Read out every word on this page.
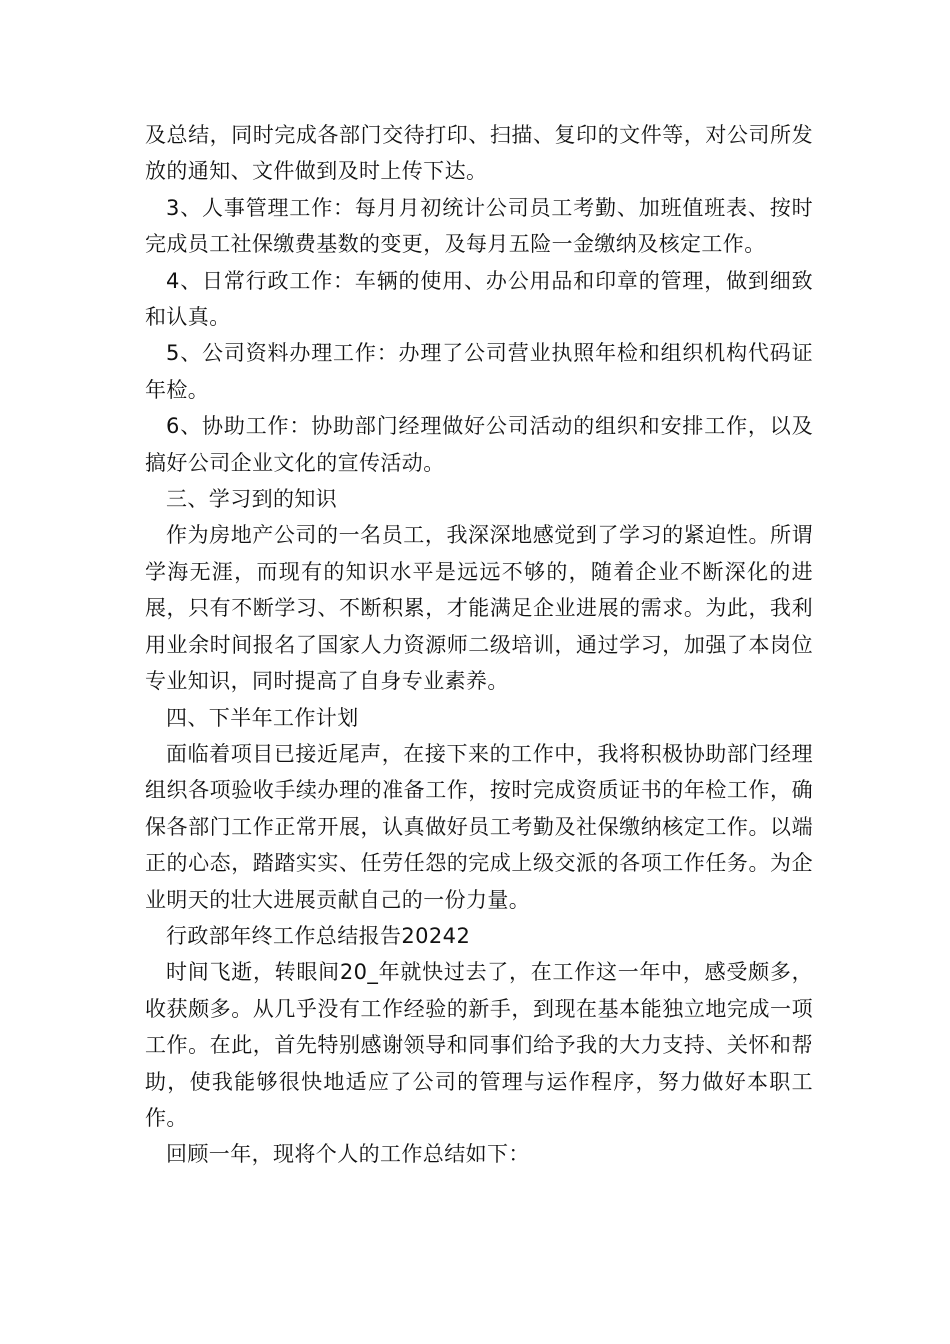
及总结，同时完成各部门交待打印、扫描、复印的文件等，对公司所发放的通知、文件做到及时上传下达。

3、人事管理工作：每月月初统计公司员工考勤、加班值班表、按时完成员工社保缴费基数的变更，及每月五险一金缴纳及核定工作。

4、日常行政工作：车辆的使用、办公用品和印章的管理，做到细致和认真。

5、公司资料办理工作：办理了公司营业执照年检和组织机构代码证年检。

6、协助工作：协助部门经理做好公司活动的组织和安排工作，以及搞好公司企业文化的宣传活动。

三、学习到的知识

作为房地产公司的一名员工，我深深地感觉到了学习的紧迫性。所谓学海无涯，而现有的知识水平是远远不够的，随着企业不断深化的进展，只有不断学习、不断积累，才能满足企业进展的需求。为此，我利用业余时间报名了国家人力资源师二级培训，通过学习，加强了本岗位专业知识，同时提高了自身专业素养。

四、下半年工作计划

面临着项目已接近尾声，在接下来的工作中，我将积极协助部门经理组织各项验收手续办理的准备工作，按时完成资质证书的年检工作，确保各部门工作正常开展，认真做好员工考勤及社保缴纳核定工作。以端正的心态，踏踏实实、任劳任怨的完成上级交派的各项工作任务。为企业明天的壮大进展贡献自己的一份力量。

行政部年终工作总结报告20242

时间飞逝，转眼间20_年就快过去了，在工作这一年中，感受颇多，收获颇多。从几乎没有工作经验的新手，到现在基本能独立地完成一项工作。在此，首先特别感谢领导和同事们给予我的大力支持、关怀和帮助，使我能够很快地适应了公司的管理与运作程序，努力做好本职工作。

回顾一年，现将个人的工作总结如下：
